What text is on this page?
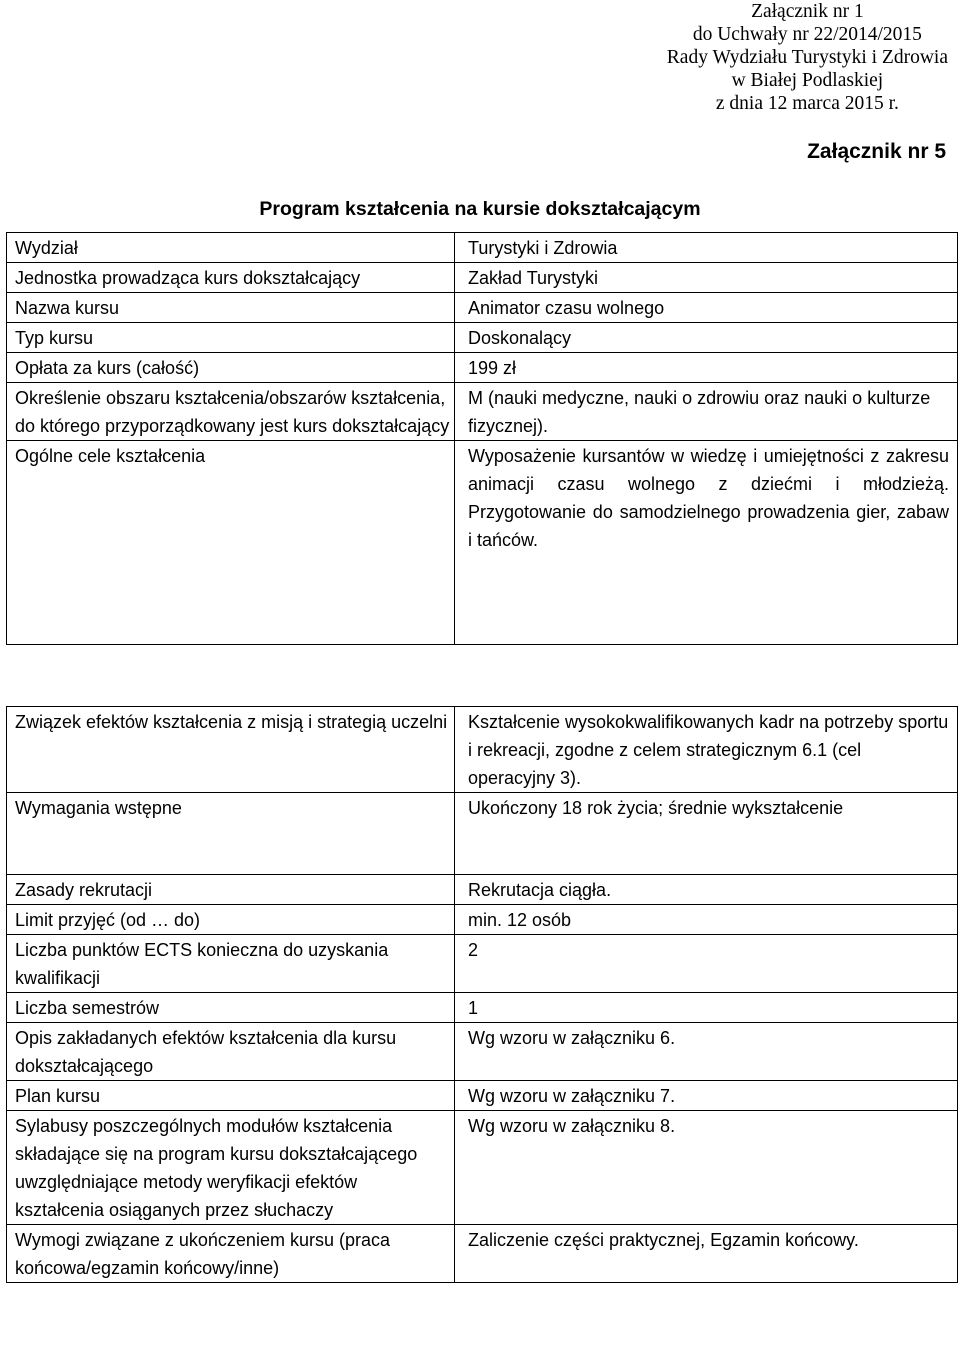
Załącznik nr 1
do Uchwały nr 22/2014/2015
Rady Wydziału Turystyki i Zdrowia
w Białej Podlaskiej
z dnia 12 marca 2015 r.
Załącznik nr 5
Program kształcenia na kursie dokształcającym
Wydział	Turystyki i Zdrowia
Jednostka prowadząca kurs dokształcający	Zakład Turystyki
Nazwa kursu	Animator czasu wolnego
Typ kursu	Doskonalący
Opłata za kurs (całość)	199 zł
Określenie obszaru kształcenia/obszarów kształcenia, do którego przyporządkowany jest kurs dokształcający	M (nauki medyczne, nauki o zdrowiu oraz nauki o kulturze fizycznej).
Ogólne cele kształcenia	Wyposażenie kursantów w wiedzę i umiejętności z zakresu animacji czasu wolnego z dziećmi i młodzieżą. Przygotowanie do samodzielnego prowadzenia gier, zabaw i tańców.
Związek efektów kształcenia z misją i strategią uczelni	Kształcenie wysokokwalifikowanych kadr na potrzeby sportu i rekreacji, zgodne z celem strategicznym 6.1 (cel operacyjny 3).
Wymagania wstępne	Ukończony 18 rok życia; średnie wykształcenie
Zasady rekrutacji	Rekrutacja ciągła.
Limit przyjęć (od … do)	min. 12 osób
Liczba punktów ECTS konieczna do uzyskania kwalifikacji	2
Liczba semestrów	1
Opis zakładanych efektów kształcenia dla kursu dokształcającego	Wg wzoru w załączniku 6.
Plan kursu	Wg wzoru w załączniku 7.
Sylabusy poszczególnych modułów kształcenia składające się na program kursu dokształcającego uwzględniające metody weryfikacji efektów kształcenia osiąganych przez słuchaczy	Wg wzoru w załączniku 8.
Wymogi związane z ukończeniem kursu (praca końcowa/egzamin końcowy/inne)	Zaliczenie części praktycznej, Egzamin końcowy.
